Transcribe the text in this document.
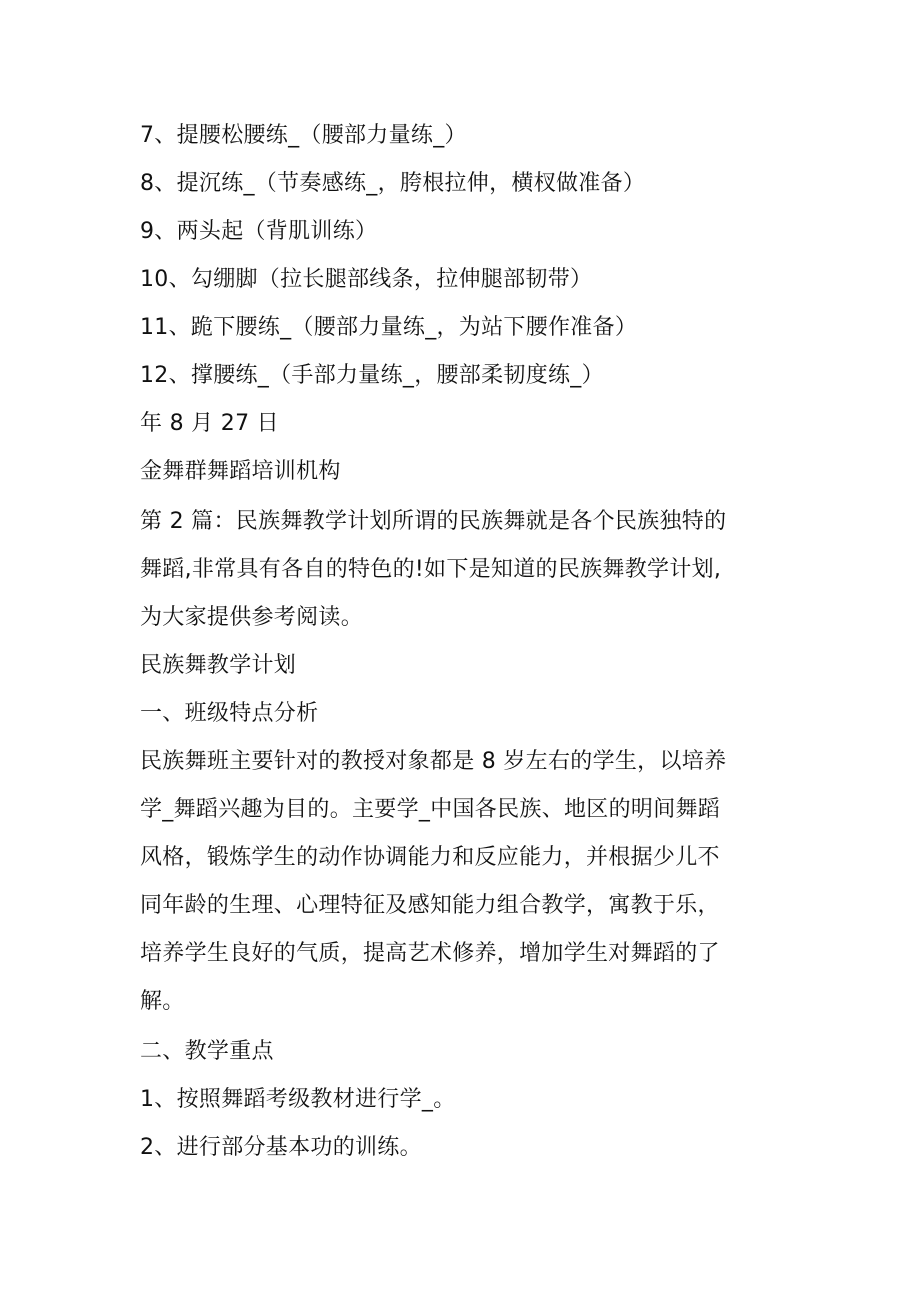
7、提腰松腰练_（腰部力量练_）
8、提沉练_（节奏感练_，胯根拉伸，横杈做准备）
9、两头起（背肌训练）
10、勾绷脚（拉长腿部线条，拉伸腿部韧带）
11、跪下腰练_（腰部力量练_，为站下腰作准备）
12、撑腰练_（手部力量练_，腰部柔韧度练_）
年 8 月 27 日
金舞群舞蹈培训机构
第 2 篇：民族舞教学计划所谓的民族舞就是各个民族独特的
舞蹈,非常具有各自的特色的!如下是知道的民族舞教学计划,
为大家提供参考阅读。
民族舞教学计划
一、班级特点分析
民族舞班主要针对的教授对象都是 8 岁左右的学生，以培养
学_舞蹈兴趣为目的。主要学_中国各民族、地区的明间舞蹈
风格，锻炼学生的动作协调能力和反应能力，并根据少儿不
同年龄的生理、心理特征及感知能力组合教学，寓教于乐，
培养学生良好的气质，提高艺术修养，增加学生对舞蹈的了
解。
二、教学重点
1、按照舞蹈考级教材进行学_。
2、进行部分基本功的训练。
